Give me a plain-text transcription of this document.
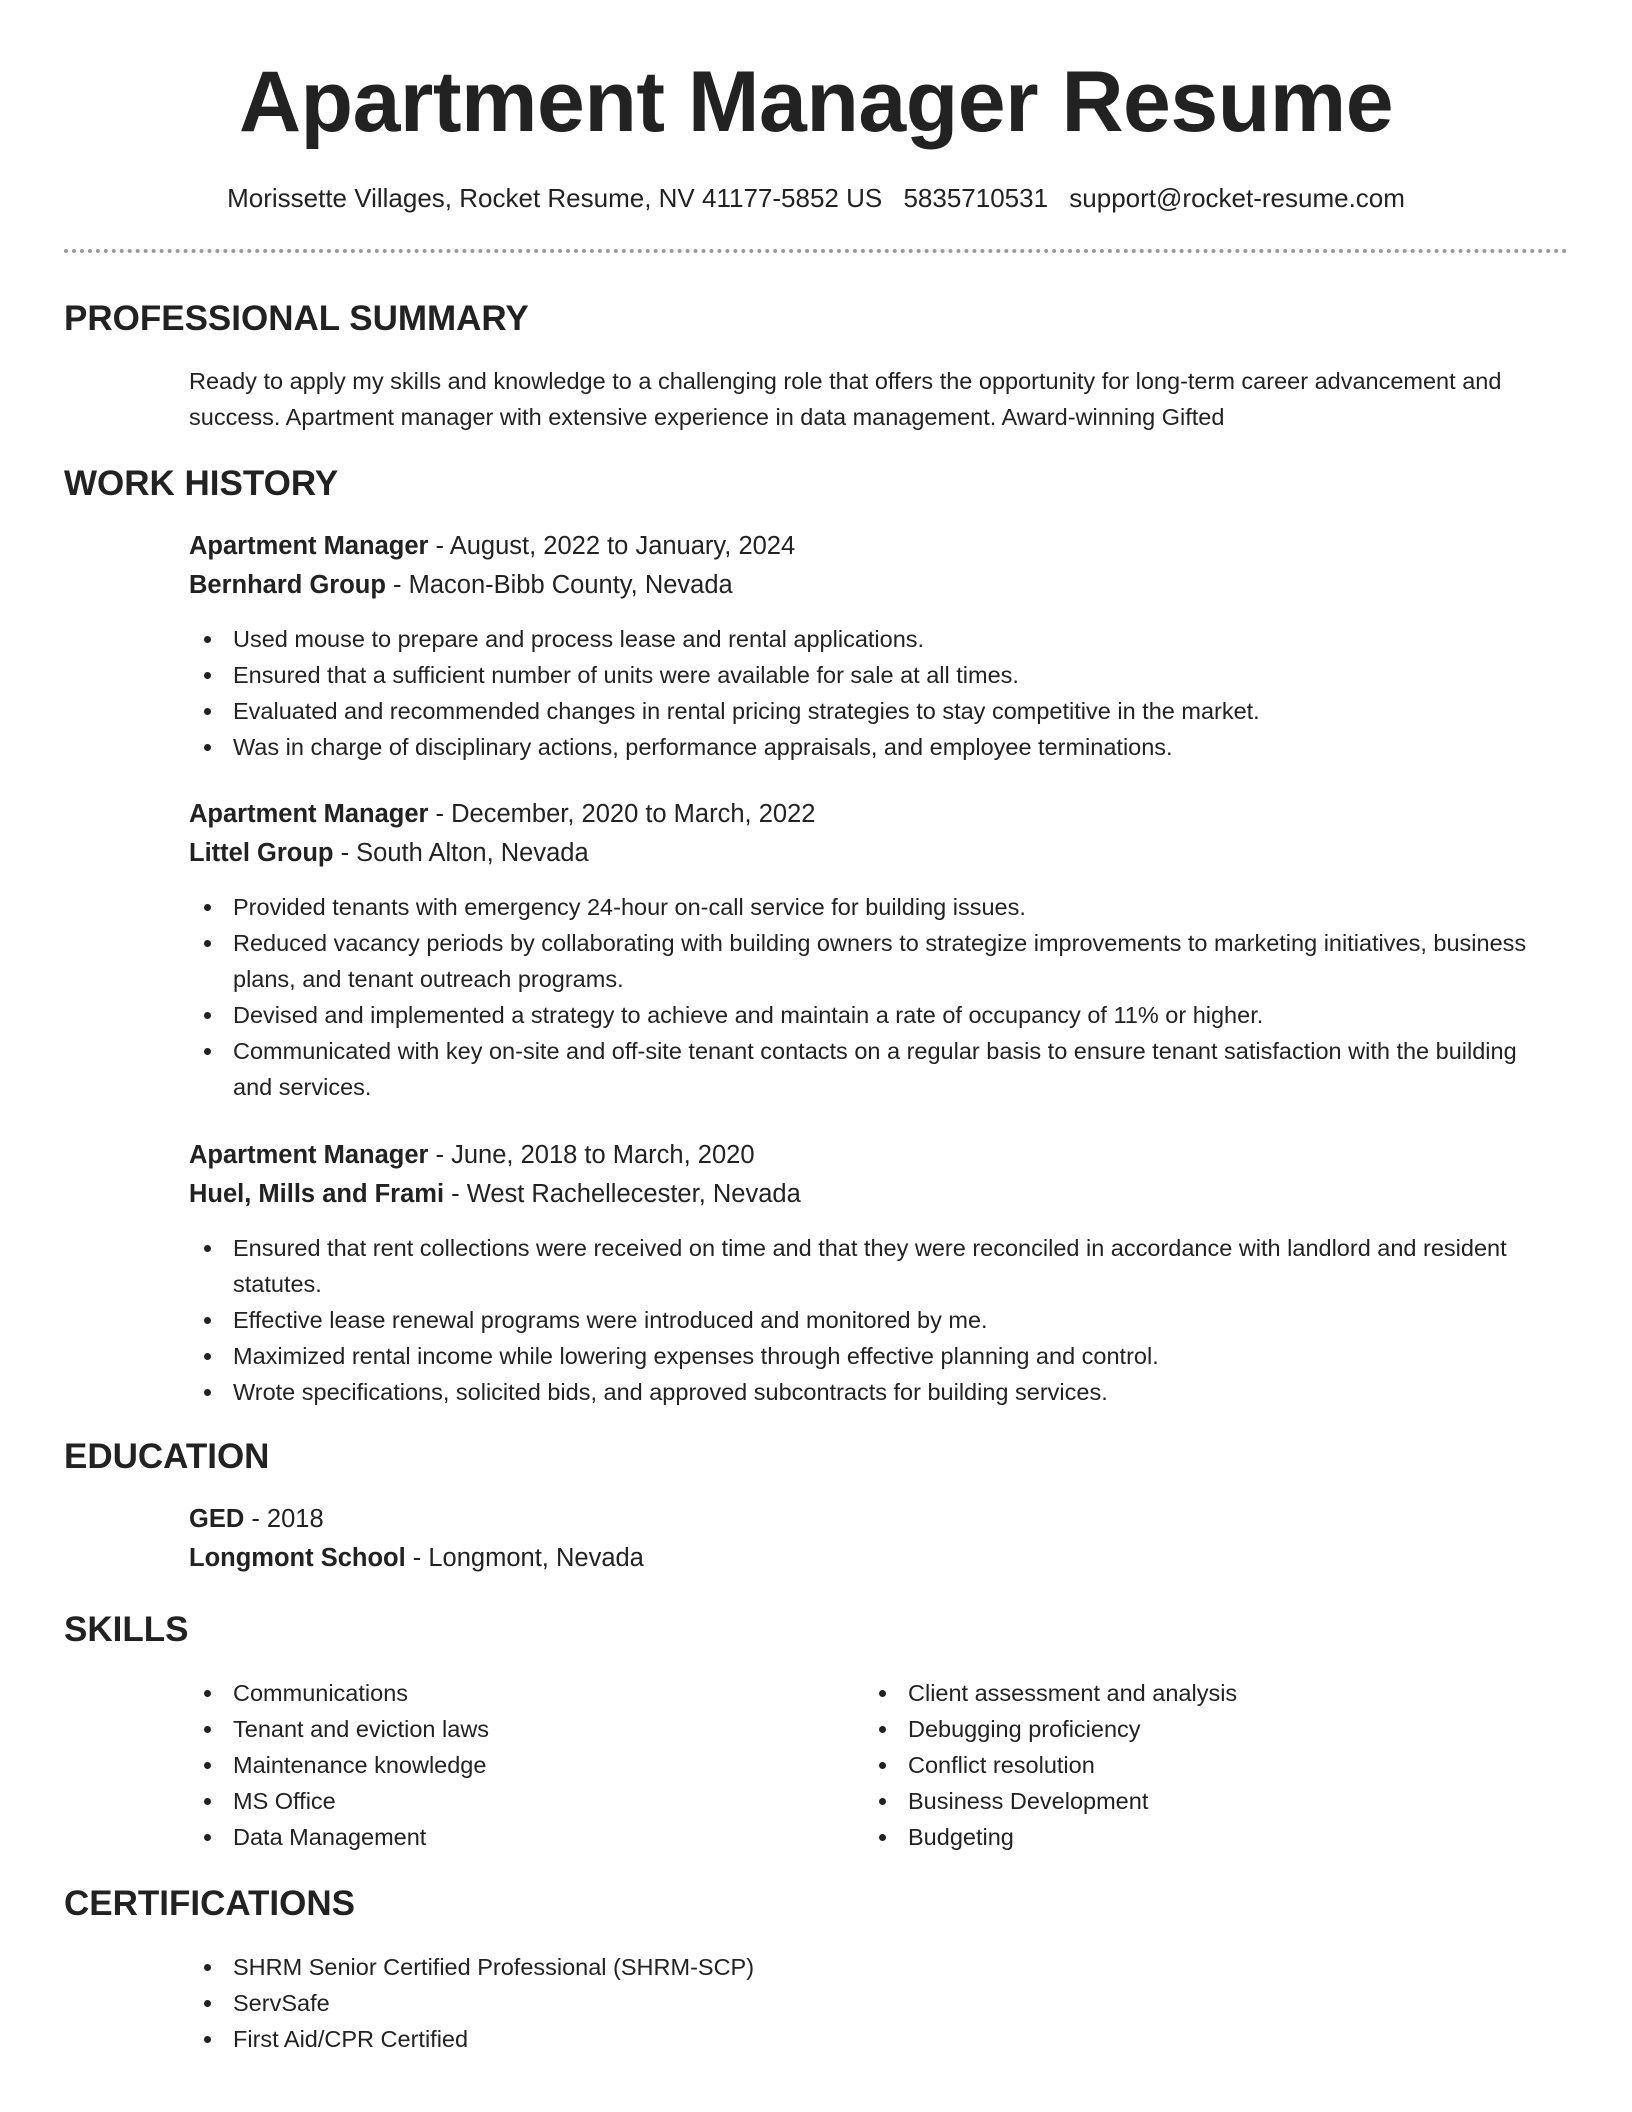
Apartment Manager Resume
Morissette Villages, Rocket Resume, NV 41177-5852 US 5835710531 support@rocket-resume.com
PROFESSIONAL SUMMARY

Ready to apply my skills and knowledge to a challenging role that offers the opportunity for long-term career advancement and success. Apartment manager with extensive experience in data management. Award-winning Gifted

WORK HISTORY

Apartment Manager - August, 2022 to January, 2024

Bernhard Group - Macon-Bibb County, Nevada

Used mouse to prepare and process lease and rental applications.
Ensured that a sufficient number of units were available for sale at all times.
Evaluated and recommended changes in rental pricing strategies to stay competitive in the market.
Was in charge of disciplinary actions, performance appraisals, and employee terminations.

Apartment Manager - December, 2020 to March, 2022

Littel Group - South Alton, Nevada

Provided tenants with emergency 24-hour on-call service for building issues.
Reduced vacancy periods by collaborating with building owners to strategize improvements to marketing initiatives, business plans, and tenant outreach programs.
Devised and implemented a strategy to achieve and maintain a rate of occupancy of 11% or higher.
Communicated with key on-site and off-site tenant contacts on a regular basis to ensure tenant satisfaction with the building and services.

Apartment Manager - June, 2018 to March, 2020

Huel, Mills and Frami - West Rachellecester, Nevada

Ensured that rent collections were received on time and that they were reconciled in accordance with landlord and resident statutes.
Effective lease renewal programs were introduced and monitored by me.
Maximized rental income while lowering expenses through effective planning and control.
Wrote specifications, solicited bids, and approved subcontracts for building services.
EDUCATION

GED - 2018

Longmont School - Longmont, Nevada

SKILLS
Communications
Tenant and eviction laws
Maintenance knowledge
MS Office
Data Management
Client assessment and analysis
Debugging proficiency
Conflict resolution
Business Development
Budgeting
CERTIFICATIONS
SHRM Senior Certified Professional (SHRM-SCP)
ServSafe
First Aid/CPR Certified
